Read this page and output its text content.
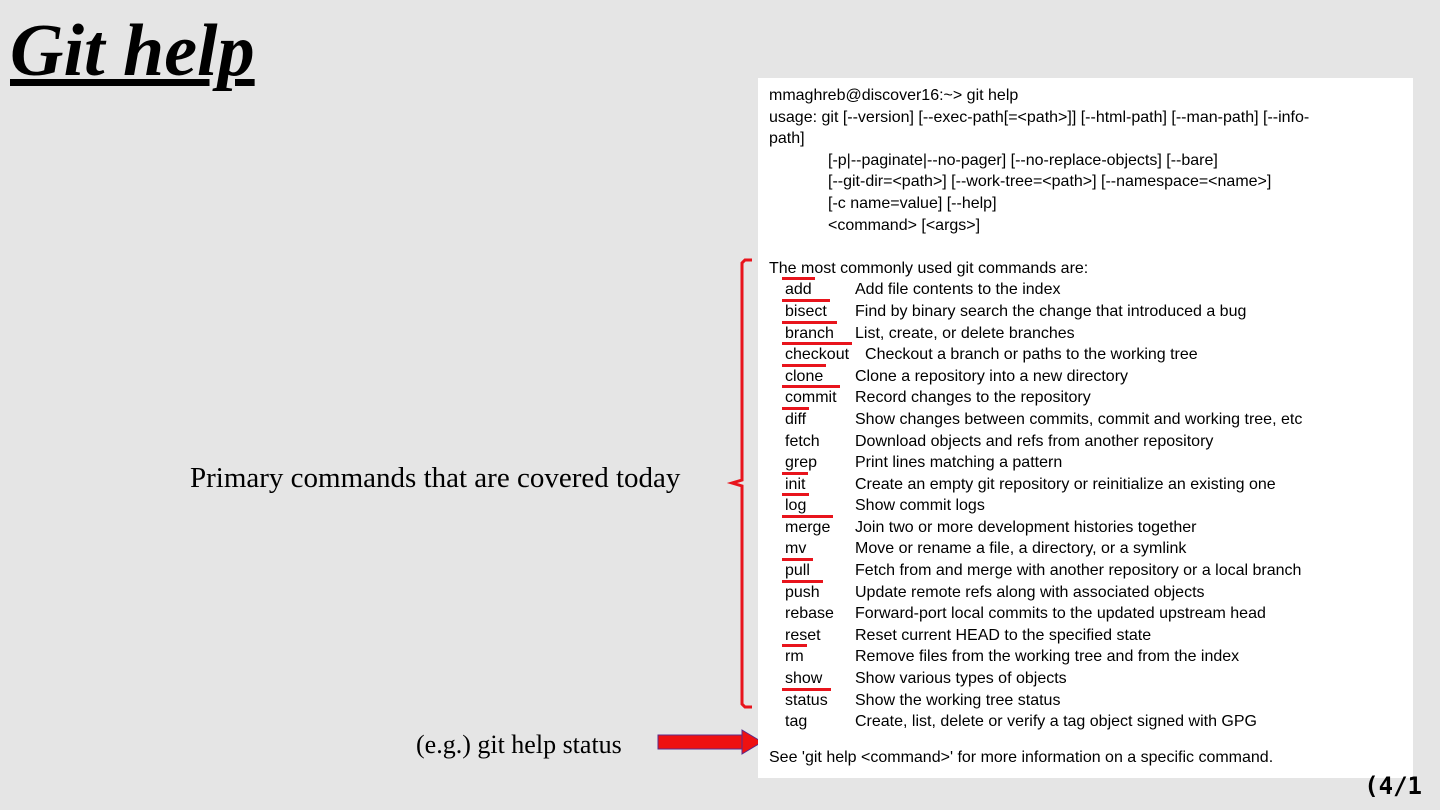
Git help
Primary commands that are covered today
(e.g.) git help status
mmaghreb@discover16:~> git help
usage: git [--version] [--exec-path[=<path>]] [--html-path] [--man-path] [--info-
path]
[-p|--paginate|--no-pager] [--no-replace-objects] [--bare]
[--git-dir=<path>] [--work-tree=<path>] [--namespace=<name>]
[-c name=value] [--help]
<command> [<args>]
The most commonly used git commands are:
add	Add file contents to the index
bisect Find by binary search the change that introduced a bug
branch List, create, or delete branches
checkout Checkout a branch or paths to the working tree
clone Clone a repository into a new directory
commit Record changes to the repository
diff	Show changes between commits, commit and working tree, etc
fetch Download objects and refs from another repository
grep Print lines matching a pattern
init	Create an empty git repository or reinitialize an existing one
log	Show commit logs
merge Join two or more development histories together
mv	Move or rename a file, a directory, or a symlink
pull	Fetch from and merge with another repository or a local branch
push Update remote refs along with associated objects
rebase Forward-port local commits to the updated upstream head
reset Reset current HEAD to the specified state
rm	Remove files from the working tree and from the index
show Show various types of objects
status Show the working tree status
tag	Create, list, delete or verify a tag object signed with GPG
See 'git help <command>' for more information on a specific command.
(4/1
